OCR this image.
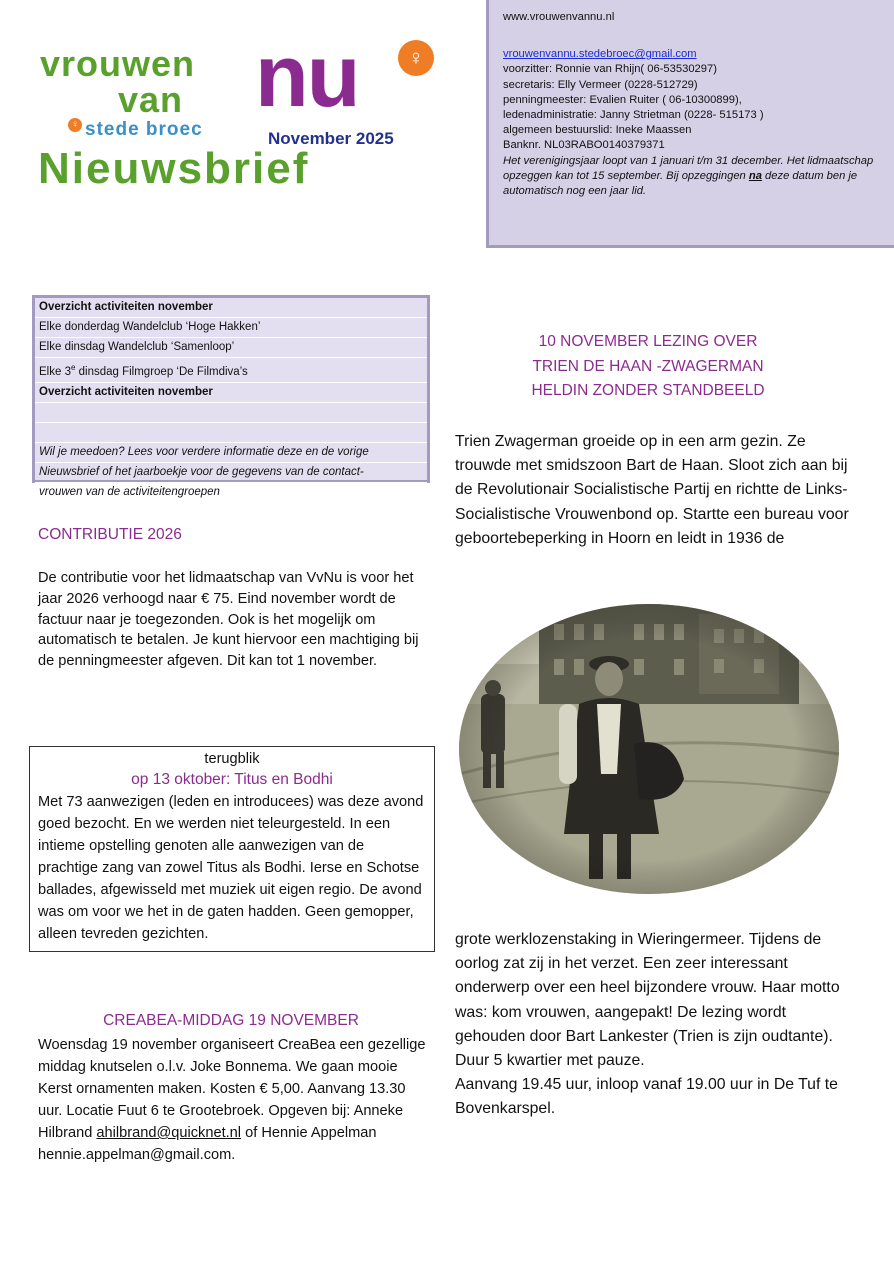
vrouwen
van nu	♀
♀ stede broec	November 2025
Nieuwsbrief
www.vrouwenvannu.nl
vrouwenvannu.stedebroec@gmail.com
voorzitter: Ronnie van Rhijn( 06-53530297)
secretaris: Elly Vermeer (0228-512729)
penningmeester: Evalien Ruiter ( 06-10300899),
ledenadministratie: Janny Strietman (0228- 515173 )
algemeen bestuurslid: Ineke Maassen
Banknr. NL03RABO0140379371
Het verenigingsjaar loopt van 1 januari t/m 31 december. Het lidmaatschap opzeggen kan tot 15 september. Bij opzeggingen na deze datum ben je automatisch nog een jaar lid.
Overzicht activiteiten november
Elke donderdag Wandelclub ‘Hoge Hakken’
Elke dinsdag Wandelclub ‘Samenloop’
Elke 3e dinsdag Filmgroep ‘De Filmdiva’s
Overzicht activiteiten november
Wil je meedoen? Lees voor verdere informatie deze en de vorige
Nieuwsbrief of het jaarboekje voor de gegevens van de contact-
vrouwen van de activiteitengroepen
CONTRIBUTIE 2026
De contributie voor het lidmaatschap van VvNu is voor het jaar 2026 verhoogd naar € 75. Eind november wordt de factuur naar je toegezonden. Ook is het mogelijk om automatisch te betalen. Je kunt hiervoor een machtiging bij de penningmeester afgeven. Dit kan tot 1 november.
terugblik
op 13 oktober: Titus en Bodhi
Met 73 aanwezigen (leden en introducees) was deze avond goed bezocht. En we werden niet teleurgesteld. In een intieme opstelling genoten alle aanwezigen van de prachtige zang van zowel Titus als Bodhi. Ierse en Schotse ballades, afgewisseld met muziek uit eigen regio. De avond was om voor we het in de gaten hadden. Geen gemopper, alleen tevreden gezichten.
CREABEA-MIDDAG 19 NOVEMBER
Woensdag 19 november organiseert CreaBea een gezellige middag knutselen o.l.v. Joke Bonnema. We gaan mooie Kerst ornamenten maken. Kosten € 5,00. Aanvang 13.30 uur. Locatie Fuut 6 te Grootebroek. Opgeven bij: Anneke Hilbrand ahilbrand@quicknet.nl of Hennie Appelman hennie.appelman@gmail.com.
10 NOVEMBER LEZING OVER
TRIEN DE HAAN -ZWAGERMAN
HELDIN ZONDER STANDBEELD
Trien Zwagerman groeide op in een arm gezin. Ze trouwde met smidszoon Bart de Haan. Sloot zich aan bij de Revolutionair Socialistische Partij en richtte de Links-Socialistische Vrouwenbond op. Startte een bureau voor geboortebeperking in Hoorn en leidt in 1936 de
grote werklozenstaking in Wieringermeer. Tijdens de oorlog zat zij in het verzet. Een zeer interessant onderwerp over een heel bijzondere vrouw. Haar motto was: kom vrouwen, aangepakt! De lezing wordt gehouden door Bart Lankester (Trien is zijn oudtante). Duur 5 kwartier met pauze.
Aanvang 19.45 uur, inloop vanaf 19.00 uur in De Tuf te Bovenkarspel.
